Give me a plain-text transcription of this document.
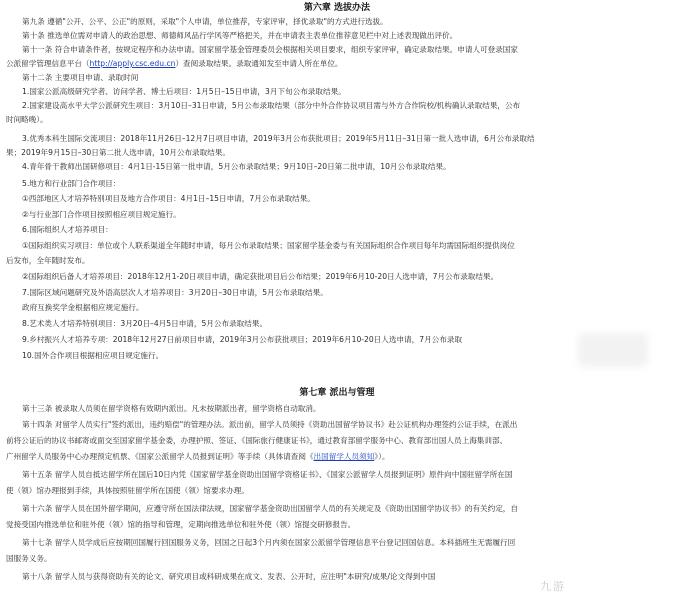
第六章 选拔办法
第九条 遵循"公开、公平、公正"的原则，采取"个人申请，单位推荐，专家评审，择优录取"的方式进行选拔。
第十条 推选单位需对申请人的政治思想、师德师风品行学风等严格把关，并在申请表主表单位推荐意见栏中对上述表现做出评价。
第十一条 符合申请条件者，按规定程序和办法申请。国家留学基金管理委员会根据相关项目要求，组织专家评审，确定录取结果。申请人可登录国家
公派留学管理信息平台（http://apply.csc.edu.cn）查阅录取结果。录取通知发至申请人所在单位。
第十二条 主要项目申请、录取时间
1.国家公派高级研究学者、访问学者、博士后项目：1月5日–15日申请，3月下旬公布录取结果。
2.国家建设高水平大学公派研究生项目：3月10日–31日申请，5月公布录取结果（部分中外合作协议项目需与外方合作院校/机构确认录取结果，公布
时间略晚）。
3.优秀本科生国际交流项目：2018年11月26日–12月7日项目申请，2019年3月公布获批项目；2019年5月11日–31日第一批人选申请，6月公布录取结
果；2019年9月15日–30日第二批人选申请，10月公布录取结果。
4.青年骨干教师出国研修项目：4月1日-15日第一批申请，5月公布录取结果；9月10日–20日第二批申请，10月公布录取结果。
5.地方和行业部门合作项目：
①西部地区人才培养特别项目及地方合作项目：4月1日–15日申请，7月公布录取结果。
②与行业部门合作项目按照相应项目规定施行。
6.国际组织人才培养项目：
①国际组织实习项目：单位或个人联系渠道全年随时申请，每月公布录取结果；国家留学基金委与有关国际组织合作项目每年均需国际组织提供岗位
后发布，全年随时发布。
②国际组织后备人才培养项目：2018年12月1-20日项目申请，确定获批项目后公布结果；2019年6月10-20日人选申请，7月公布录取结果。
7.国际区域问题研究及外语高层次人才培养项目：3月20日–30日申请，5月公布录取结果。
政府互换奖学金根据相应规定施行。
8.艺术类人才培养特别项目：3月20日–4月5日申请，5月公布录取结果。
9.乡村振兴人才培养专项：2018年12月27日前项目申请，2019年3月公布获批项目；2019年6月10-20日人选申请，7月公布录取
10.国外合作项目根据相应项目规定施行。
第七章 派出与管理
第十三条 被录取人员须在留学资格有效期内派出。凡未按期派出者，留学资格自动取消。
第十四条 对留学人员实行"签约派出，违约赔偿"的管理办法。派出前，留学人员须持《资助出国留学协议书》赴公证机构办理签约公证手续，在派出
前将公证后的协议书邮寄或面交至国家留学基金委，办理护照、签证、《国际旅行健康证书》，通过教育部留学服务中心、教育部出国人员上海集训部、
广州留学人员服务中心办理预定机票、《国家公派留学人员报到证明》等手续（具体请查阅《出国留学人员须知》）。
第十五条 留学人员自抵达留学所在国后10日内凭《国家留学基金资助出国留学资格证书》、《国家公派留学人员报到证明》原件向中国驻留学所在国
使（领）馆办理报到手续，具体按照驻留学所在国使（领）馆要求办理。
第十六条 留学人员在国外留学期间，应遵守所在国法律法规，国家留学基金资助出国留学人员的有关规定及《资助出国留学协议书》的有关约定，自
觉接受国内推选单位和驻外使（领）馆的指导和管理，定期向推选单位和驻外使（领）馆提交研修报告。
第十七条 留学人员学成后应按期回国履行回国服务义务，回国之日起3个月内须在国家公派留学管理信息平台登记回国信息。本科插班生无需履行回
国服务义务。
第十八条 留学人员与获得资助有关的论文、研究项目或科研成果在成文、发表、公开时，应注明"本研究/成果/论文得到中国
九游
